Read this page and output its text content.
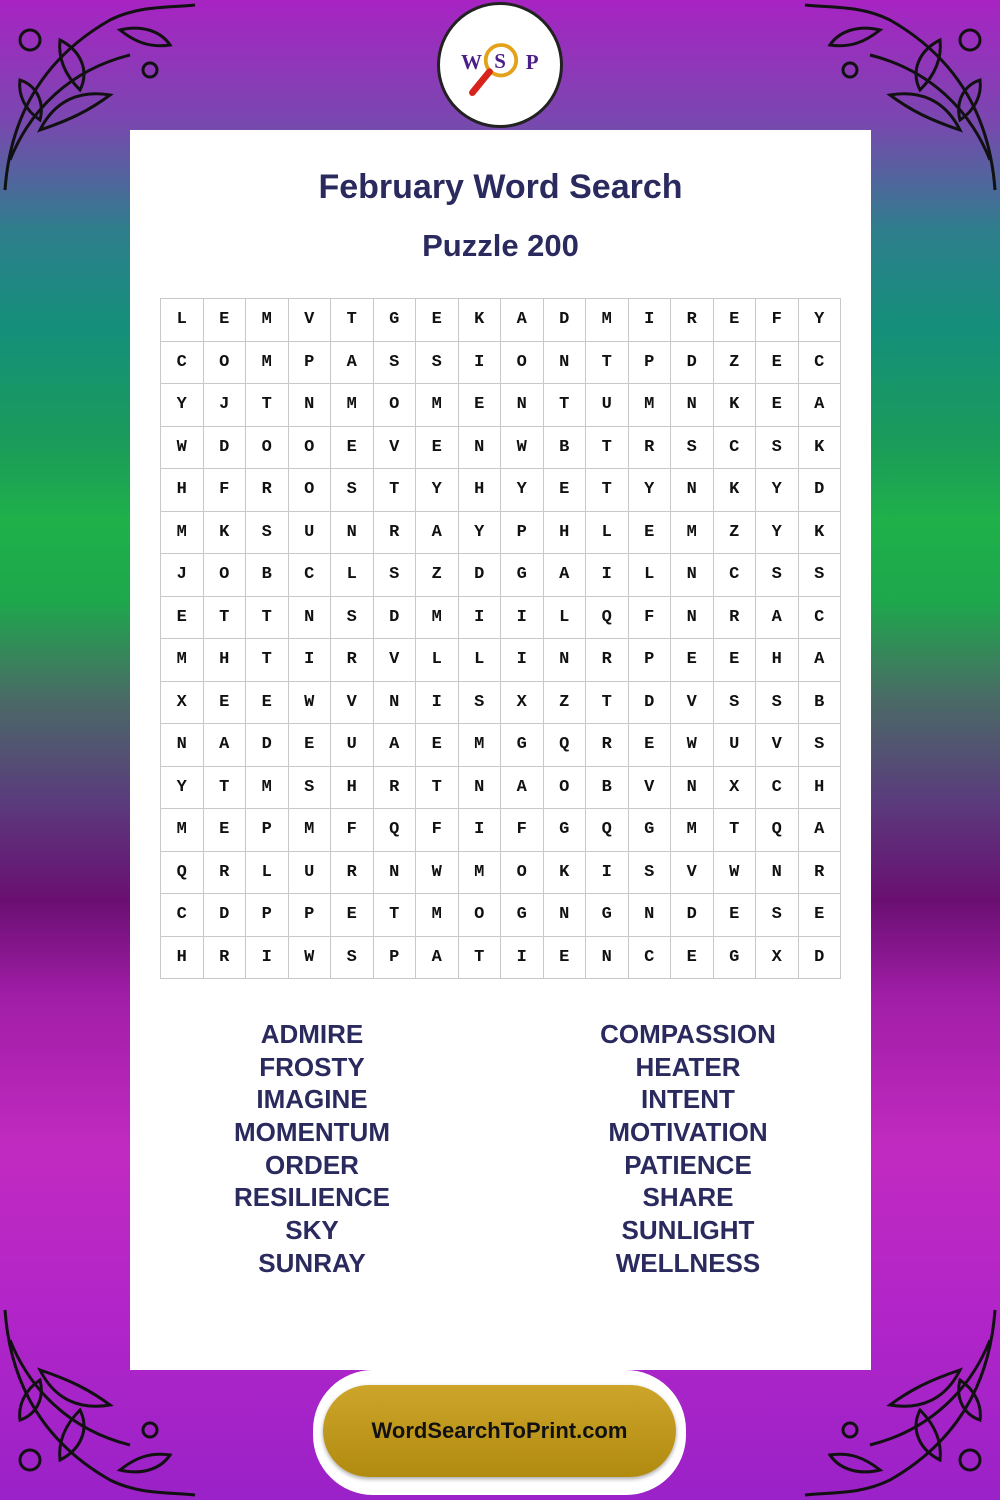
W S P
February Word Search
Puzzle 200
L	E	M	V	T	G	E	K	A	D	M	I	R	E	F	Y
C	O	M	P	A	S	S	I	O	N	T	P	D	Z	E	C
Y	J	T	N	M	O	M	E	N	T	U	M	N	K	E	A
W	D	O	O	E	V	E	N	W	B	T	R	S	C	S	K
H	F	R	O	S	T	Y	H	Y	E	T	Y	N	K	Y	D
M	K	S	U	N	R	A	Y	P	H	L	E	M	Z	Y	K
J	O	B	C	L	S	Z	D	G	A	I	L	N	C	S	S
E	T	T	N	S	D	M	I	I	L	Q	F	N	R	A	C
M	H	T	I	R	V	L	L	I	N	R	P	E	E	H	A
X	E	E	W	V	N	I	S	X	Z	T	D	V	S	S	B
N	A	D	E	U	A	E	M	G	Q	R	E	W	U	V	S
Y	T	M	S	H	R	T	N	A	O	B	V	N	X	C	H
M	E	P	M	F	Q	F	I	F	G	Q	G	M	T	Q	A
Q	R	L	U	R	N	W	M	O	K	I	S	V	W	N	R
C	D	P	P	E	T	M	O	G	N	G	N	D	E	S	E
H	R	I	W	S	P	A	T	I	E	N	C	E	G	X	D
ADMIRE
FROSTY
IMAGINE
MOMENTUM
ORDER
RESILIENCE
SKY
SUNRAY
COMPASSION
HEATER
INTENT
MOTIVATION
PATIENCE
SHARE
SUNLIGHT
WELLNESS
WordSearchToPrint.com
